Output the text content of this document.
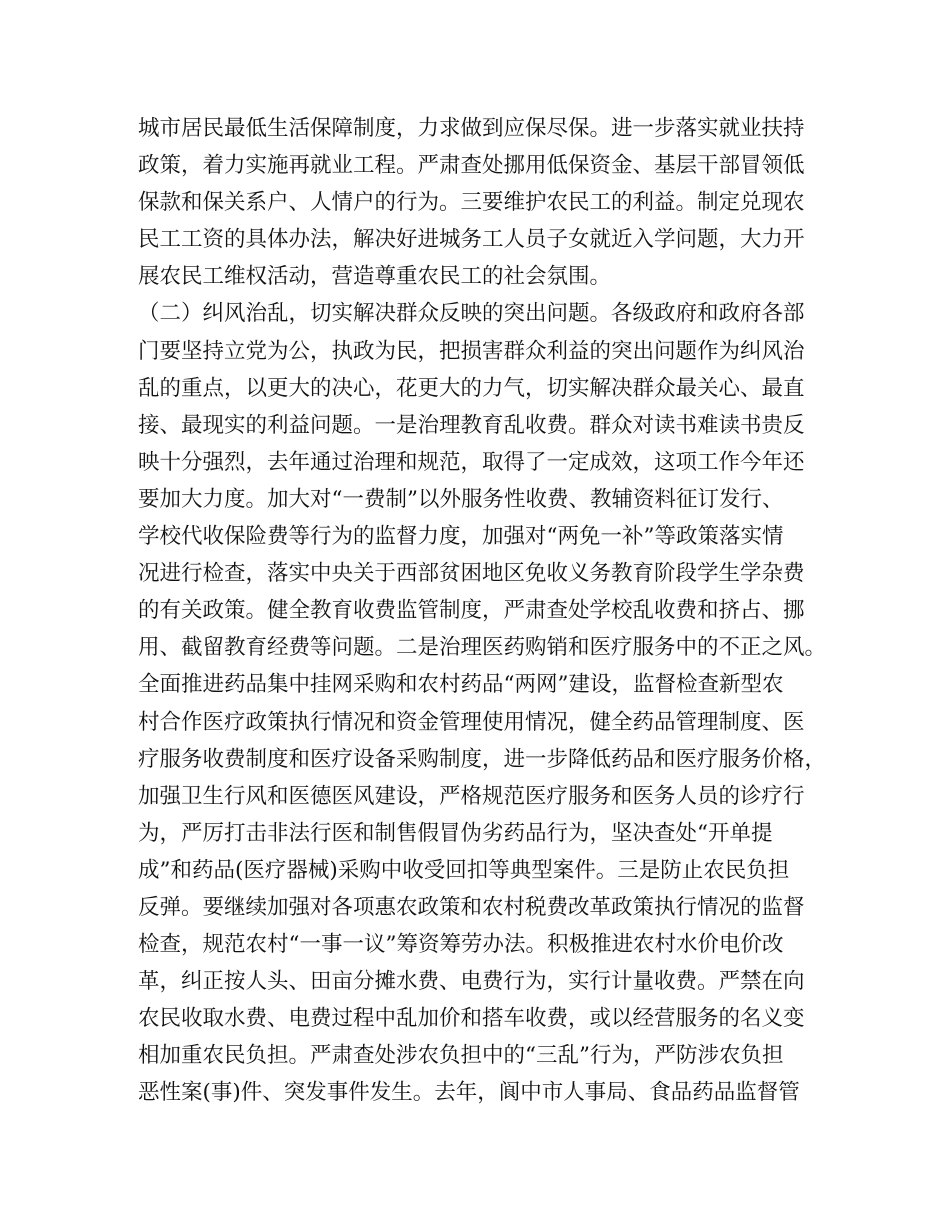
城市居民最低生活保障制度，力求做到应保尽保。进一步落实就业扶持
政策，着力实施再就业工程。严肃查处挪用低保资金、基层干部冒领低
保款和保关系户、人情户的行为。三要维护农民工的利益。制定兑现农
民工工资的具体办法，解决好进城务工人员子女就近入学问题，大力开
展农民工维权活动，营造尊重农民工的社会氛围。
（二）纠风治乱，切实解决群众反映的突出问题。各级政府和政府各部
门要坚持立党为公，执政为民，把损害群众利益的突出问题作为纠风治
乱的重点，以更大的决心，花更大的力气，切实解决群众最关心、最直
接、最现实的利益问题。一是治理教育乱收费。群众对读书难读书贵反
映十分强烈，去年通过治理和规范，取得了一定成效，这项工作今年还
要加大力度。加大对“一费制”以外服务性收费、教辅资料征订发行、
学校代收保险费等行为的监督力度，加强对“两免一补”等政策落实情
况进行检查，落实中央关于西部贫困地区免收义务教育阶段学生学杂费
的有关政策。健全教育收费监管制度，严肃查处学校乱收费和挤占、挪
用、截留教育经费等问题。二是治理医药购销和医疗服务中的不正之风。
全面推进药品集中挂网采购和农村药品“两网”建设，监督检查新型农
村合作医疗政策执行情况和资金管理使用情况，健全药品管理制度、医
疗服务收费制度和医疗设备采购制度，进一步降低药品和医疗服务价格，
加强卫生行风和医德医风建设，严格规范医疗服务和医务人员的诊疗行
为，严厉打击非法行医和制售假冒伪劣药品行为，坚决查处“开单提
成”和药品(医疗器械)采购中收受回扣等典型案件。三是防止农民负担
反弹。要继续加强对各项惠农政策和农村税费改革政策执行情况的监督
检查，规范农村“一事一议”筹资筹劳办法。积极推进农村水价电价改
革，纠正按人头、田亩分摊水费、电费行为，实行计量收费。严禁在向
农民收取水费、电费过程中乱加价和搭车收费，或以经营服务的名义变
相加重农民负担。严肃查处涉农负担中的“三乱”行为，严防涉农负担
恶性案(事)件、突发事件发生。去年，阆中市人事局、食品药品监督管
